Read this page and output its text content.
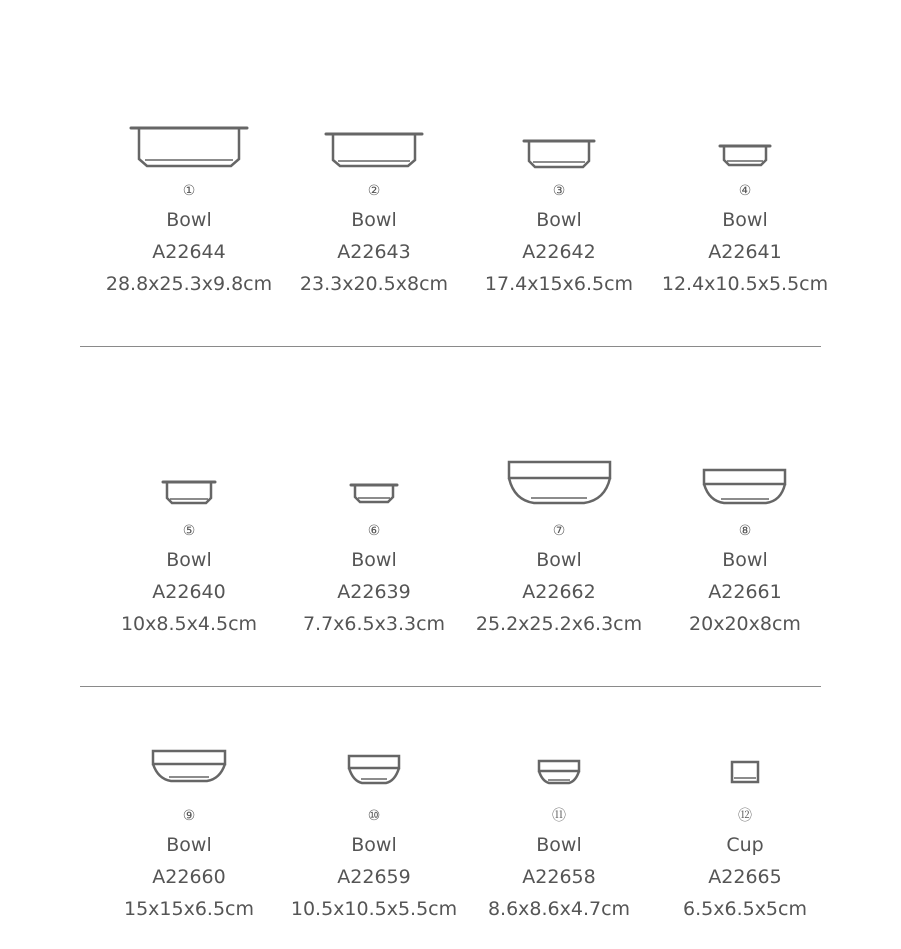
①
Bowl
A22644
28.8x25.3x9.8cm
②
Bowl
A22643
23.3x20.5x8cm
③
Bowl
A22642
17.4x15x6.5cm
④
Bowl
A22641
12.4x10.5x5.5cm
⑤
Bowl
A22640
10x8.5x4.5cm
⑥
Bowl
A22639
7.7x6.5x3.3cm
⑦
Bowl
A22662
25.2x25.2x6.3cm
⑧
Bowl
A22661
20x20x8cm
⑨
Bowl
A22660
15x15x6.5cm
⑩
Bowl
A22659
10.5x10.5x5.5cm
⑪
Bowl
A22658
8.6x8.6x4.7cm
⑫
Cup
A22665
6.5x6.5x5cm
